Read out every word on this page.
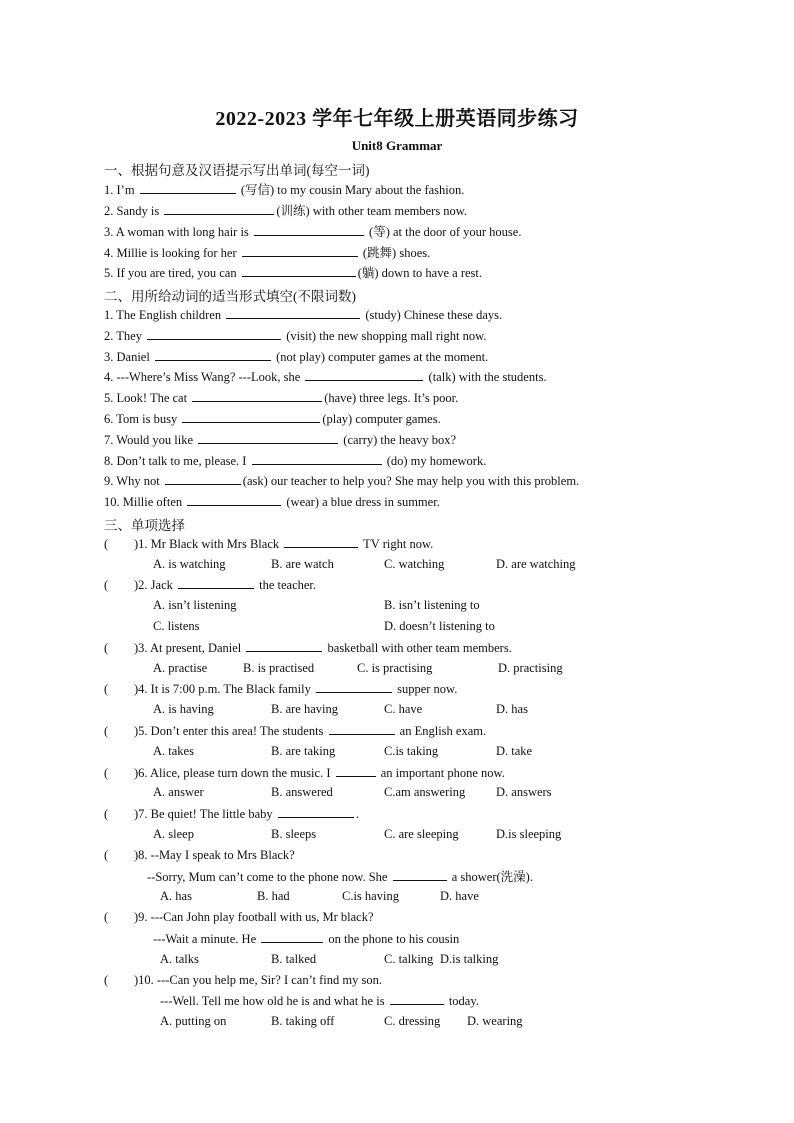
2022-2023 学年七年级上册英语同步练习
Unit8 Grammar
一、根据句意及汉语提示写出单词(每空一词)
1. I’m	(写信) to my cousin Mary about the fashion.
2. Sandy is	(训练) with other team members now.
3. A woman with long hair is	(等) at the door of your house.
4. Millie is looking for her	(跳舞) shoes.
5. If you are tired, you can	(躺) down to have a rest.
二、用所给动词的适当形式填空(不限词数)
1. The English children	(study) Chinese these days.
2. They	(visit) the new shopping mall right now.
3. Daniel	(not play) computer games at the moment.
4. ---Where’s Miss Wang? ---Look, she	(talk) with the students.
5. Look! The cat	(have) three legs. It’s poor.
6. Tom is busy	(play) computer games.
7. Would you like	(carry) the heavy box?
8. Don’t talk to me, please. I	(do) my homework.
9. Why not	(ask) our teacher to help you? She may help you with this problem.
10. Millie often	(wear) a blue dress in summer.
三、单项选择
( )1. Mr Black with Mrs Black	TV right now.
A. is watching	B. are watch	C. watching	D. are watching
( )2. Jack	the teacher.
A. isn’t listening	B. isn’t listening to
C. listens	D. doesn’t listening to
( )3. At present, Daniel	basketball with other team members.
A. practise	B. is practised	C. is practising	D. practising
( )4. It is 7:00 p.m. The Black family	supper now.
A. is having	B. are having	C. have	D. has
( )5. Don’t enter this area! The students	an English exam.
A. takes	B. are taking	C.is taking	D. take
( )6. Alice, please turn down the music. I	an important phone now.
A. answer	B. answered	C.am answering D. answers
( )7. Be quiet! The little baby	.
A. sleep	B. sleeps	C. are sleeping	D.is sleeping
( )8. --May I speak to Mrs Black?
--Sorry, Mum can’t come to the phone now. She	a shower(洗澡).
A. has	B. had	C.is having	D. have
( )9. ---Can John play football with us, Mr black?
---Wait a minute. He	on the phone to his cousin
A. talks	B. talked	C. talking D.is talking
( )10. ---Can you help me, Sir? I can’t find my son.
---Well. Tell me how old he is and what he is	today.
A. putting on	B. taking off	C. dressing D. wearing
